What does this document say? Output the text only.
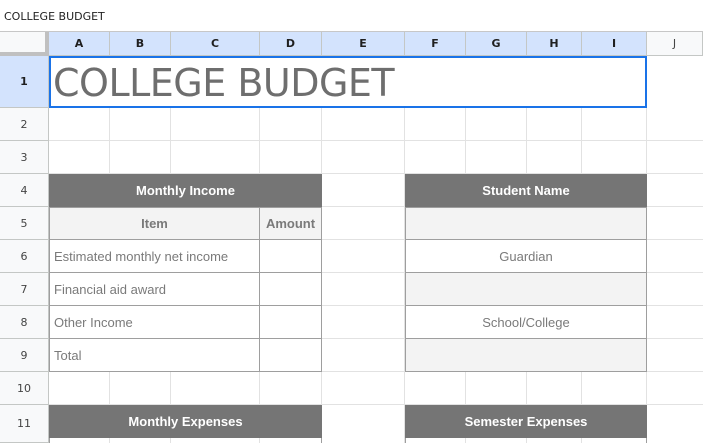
COLLEGE BUDGET
A	B	C	D	E	F	G	H	I	J
1
2
3
4
5
6
7
8
9
10
11
COLLEGE BUDGET
Monthly Income
Item	Amount
Estimated monthly net income
Financial aid award
Other Income
Total
Student Name
Guardian
School/College
Monthly Expenses	Semester Expenses
